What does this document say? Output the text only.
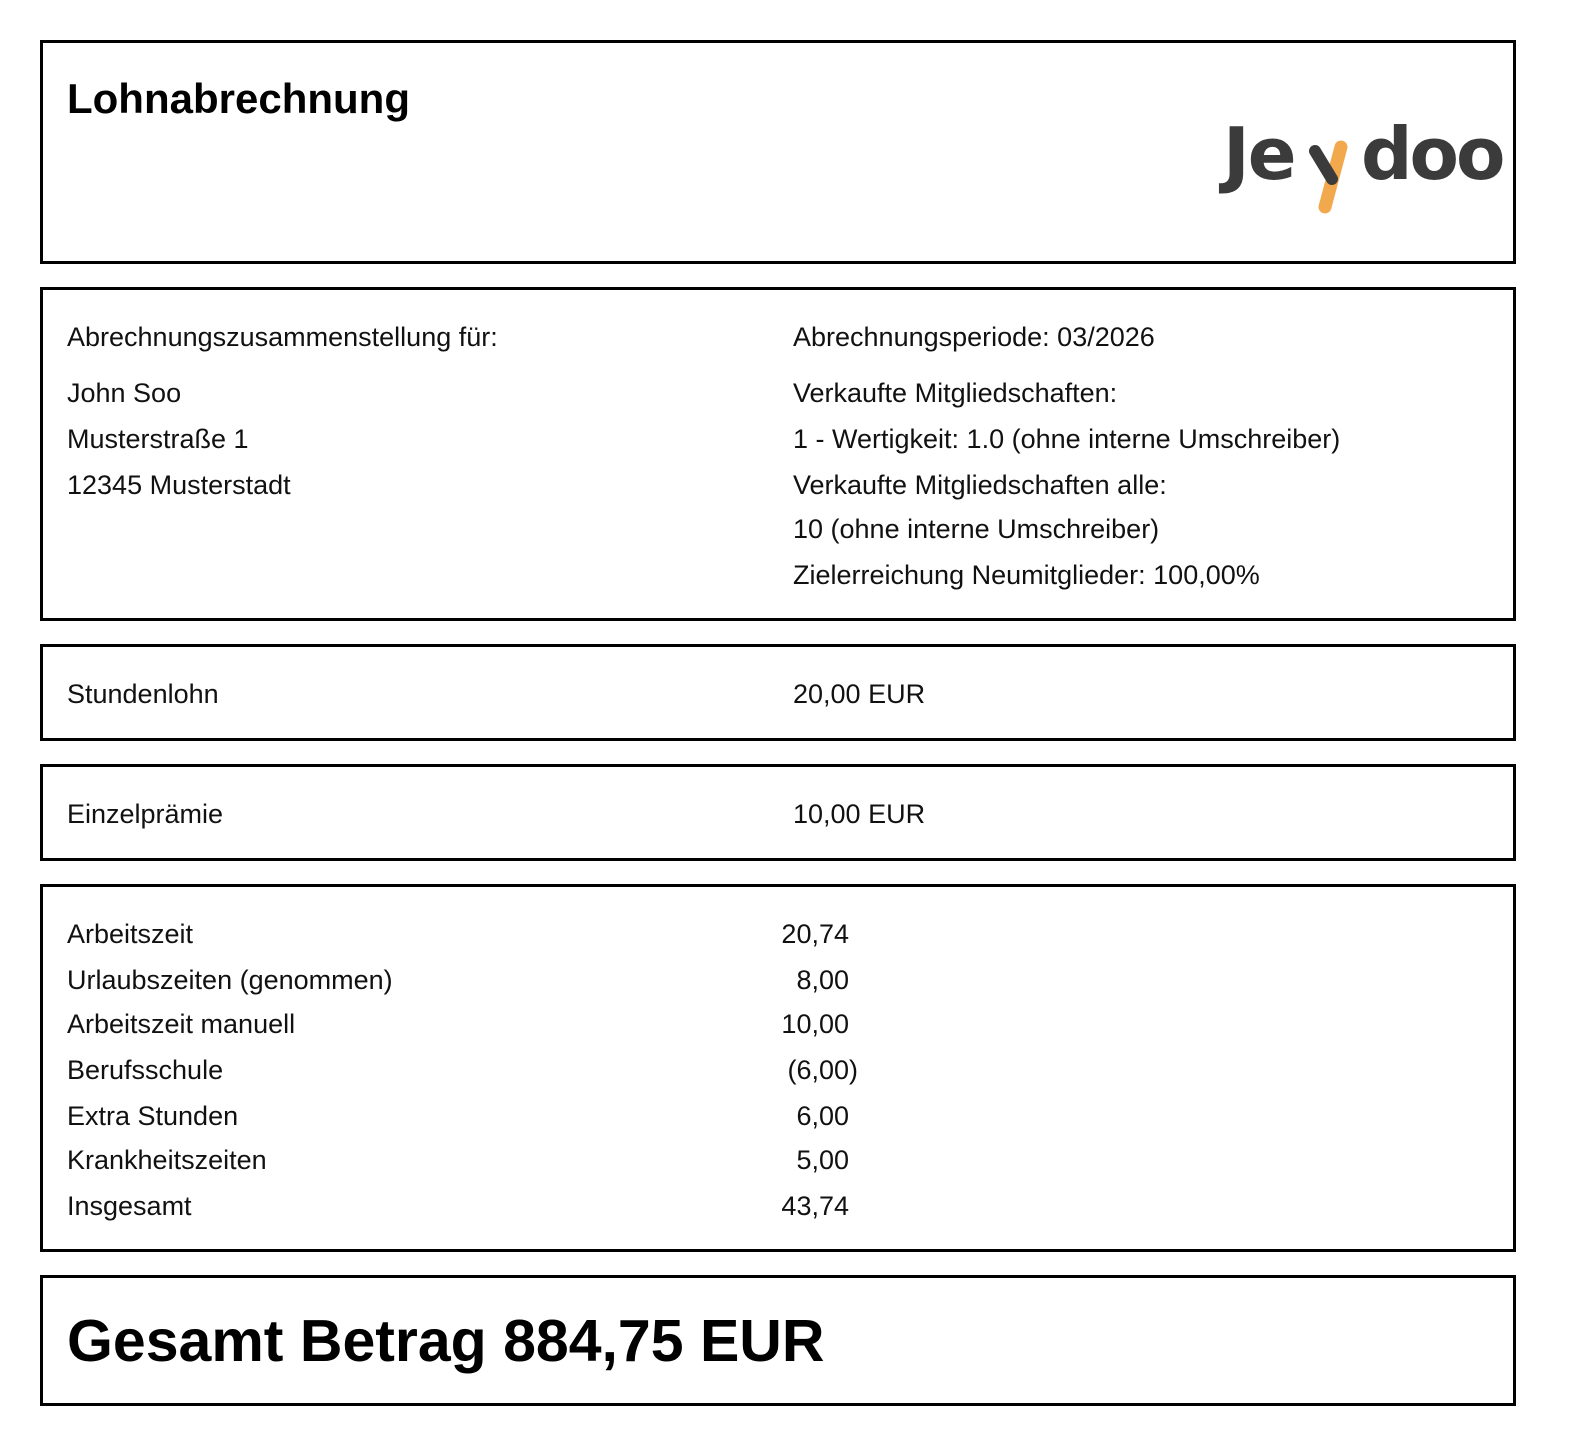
Lohnabrechnung
Je doo
Abrechnungszusammenstellung für:
John Soo
Musterstraße 1
12345 Musterstadt
Abrechnungsperiode: 03/2026
Verkaufte Mitgliedschaften:
1 - Wertigkeit: 1.0 (ohne interne Umschreiber)
Verkaufte Mitgliedschaften alle:
10 (ohne interne Umschreiber)
Zielerreichung Neumitglieder: 100,00%
Stundenlohn	20,00 EUR
Einzelprämie	10,00 EUR
Arbeitszeit	20,74
Urlaubszeiten (genommen)	8,00
Arbeitszeit manuell	10,00
Berufsschule	(6,00)
Extra Stunden	6,00
Krankheitszeiten	5,00
Insgesamt	43,74
Gesamt Betrag 884,75 EUR
